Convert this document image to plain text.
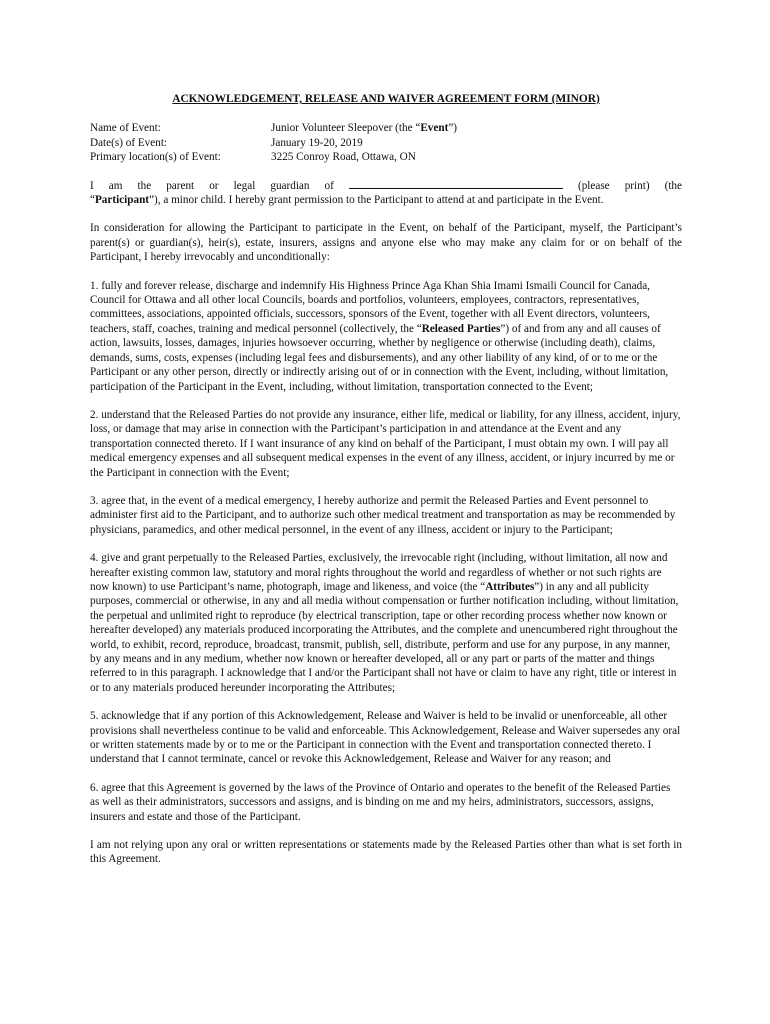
ACKNOWLEDGEMENT, RELEASE AND WAIVER AGREEMENT FORM (MINOR)
Name of Event:	Junior Volunteer Sleepover (the “Event”)
Date(s) of Event:	January 19-20, 2019
Primary location(s) of Event:	3225 Conroy Road, Ottawa, ON
I am the parent or legal guardian of	(please print) (the
“Participant”), a minor child. I hereby grant permission to the Participant to attend at and participate in the Event.
In consideration for allowing the Participant to participate in the Event, on behalf of the Participant, myself, the Participant’s parent(s) or guardian(s), heir(s), estate, insurers, assigns and anyone else who may make any claim for or on behalf of the Participant, I hereby irrevocably and unconditionally:
1. fully and forever release, discharge and indemnify His Highness Prince Aga Khan Shia Imami Ismaili Council for Canada, Council for Ottawa and all other local Councils, boards and portfolios, volunteers, employees, contractors, representatives, committees, associations, appointed officials, successors, sponsors of the Event, together with all Event directors, volunteers, teachers, staff, coaches, training and medical personnel (collectively, the “Released Parties”) of and from any and all causes of action, lawsuits, losses, damages, injuries howsoever occurring, whether by negligence or otherwise (including death), claims, demands, sums, costs, expenses (including legal fees and disbursements), and any other liability of any kind, of or to me or the Participant or any other person, directly or indirectly arising out of or in connection with the Event, including, without limitation, participation of the Participant in the Event, including, without limitation, transportation connected to the Event;
2. understand that the Released Parties do not provide any insurance, either life, medical or liability, for any illness, accident, injury, loss, or damage that may arise in connection with the Participant’s participation in and attendance at the Event and any transportation connected thereto. If I want insurance of any kind on behalf of the Participant, I must obtain my own. I will pay all medical emergency expenses and all subsequent medical expenses in the event of any illness, accident, or injury incurred by me or the Participant in connection with the Event;
3. agree that, in the event of a medical emergency, I hereby authorize and permit the Released Parties and Event personnel to administer first aid to the Participant, and to authorize such other medical treatment and transportation as may be recommended by physicians, paramedics, and other medical personnel, in the event of any illness, accident or injury to the Participant;
4. give and grant perpetually to the Released Parties, exclusively, the irrevocable right (including, without limitation, all now and hereafter existing common law, statutory and moral rights throughout the world and regardless of whether or not such rights are now known) to use Participant’s name, photograph, image and likeness, and voice (the “Attributes”) in any and all publicity purposes, commercial or otherwise, in any and all media without compensation or further notification including, without limitation, the perpetual and unlimited right to reproduce (by electrical transcription, tape or other recording process whether now known or hereafter developed) any materials produced incorporating the Attributes, and the complete and unencumbered right throughout the world, to exhibit, record, reproduce, broadcast, transmit, publish, sell, distribute, perform and use for any purpose, in any manner, by any means and in any medium, whether now known or hereafter developed, all or any part or parts of the matter and things referred to in this paragraph. I acknowledge that I and/or the Participant shall not have or claim to have any right, title or interest in or to any materials produced hereunder incorporating the Attributes;
5. acknowledge that if any portion of this Acknowledgement, Release and Waiver is held to be invalid or unenforceable, all other provisions shall nevertheless continue to be valid and enforceable. This Acknowledgement, Release and Waiver supersedes any oral or written statements made by or to me or the Participant in connection with the Event and transportation connected thereto. I understand that I cannot terminate, cancel or revoke this Acknowledgement, Release and Waiver for any reason; and
6. agree that this Agreement is governed by the laws of the Province of Ontario and operates to the benefit of the Released Parties as well as their administrators, successors and assigns, and is binding on me and my heirs, administrators, successors, assigns, insurers and estate and those of the Participant.
I am not relying upon any oral or written representations or statements made by the Released Parties other than what is set forth in this Agreement.
